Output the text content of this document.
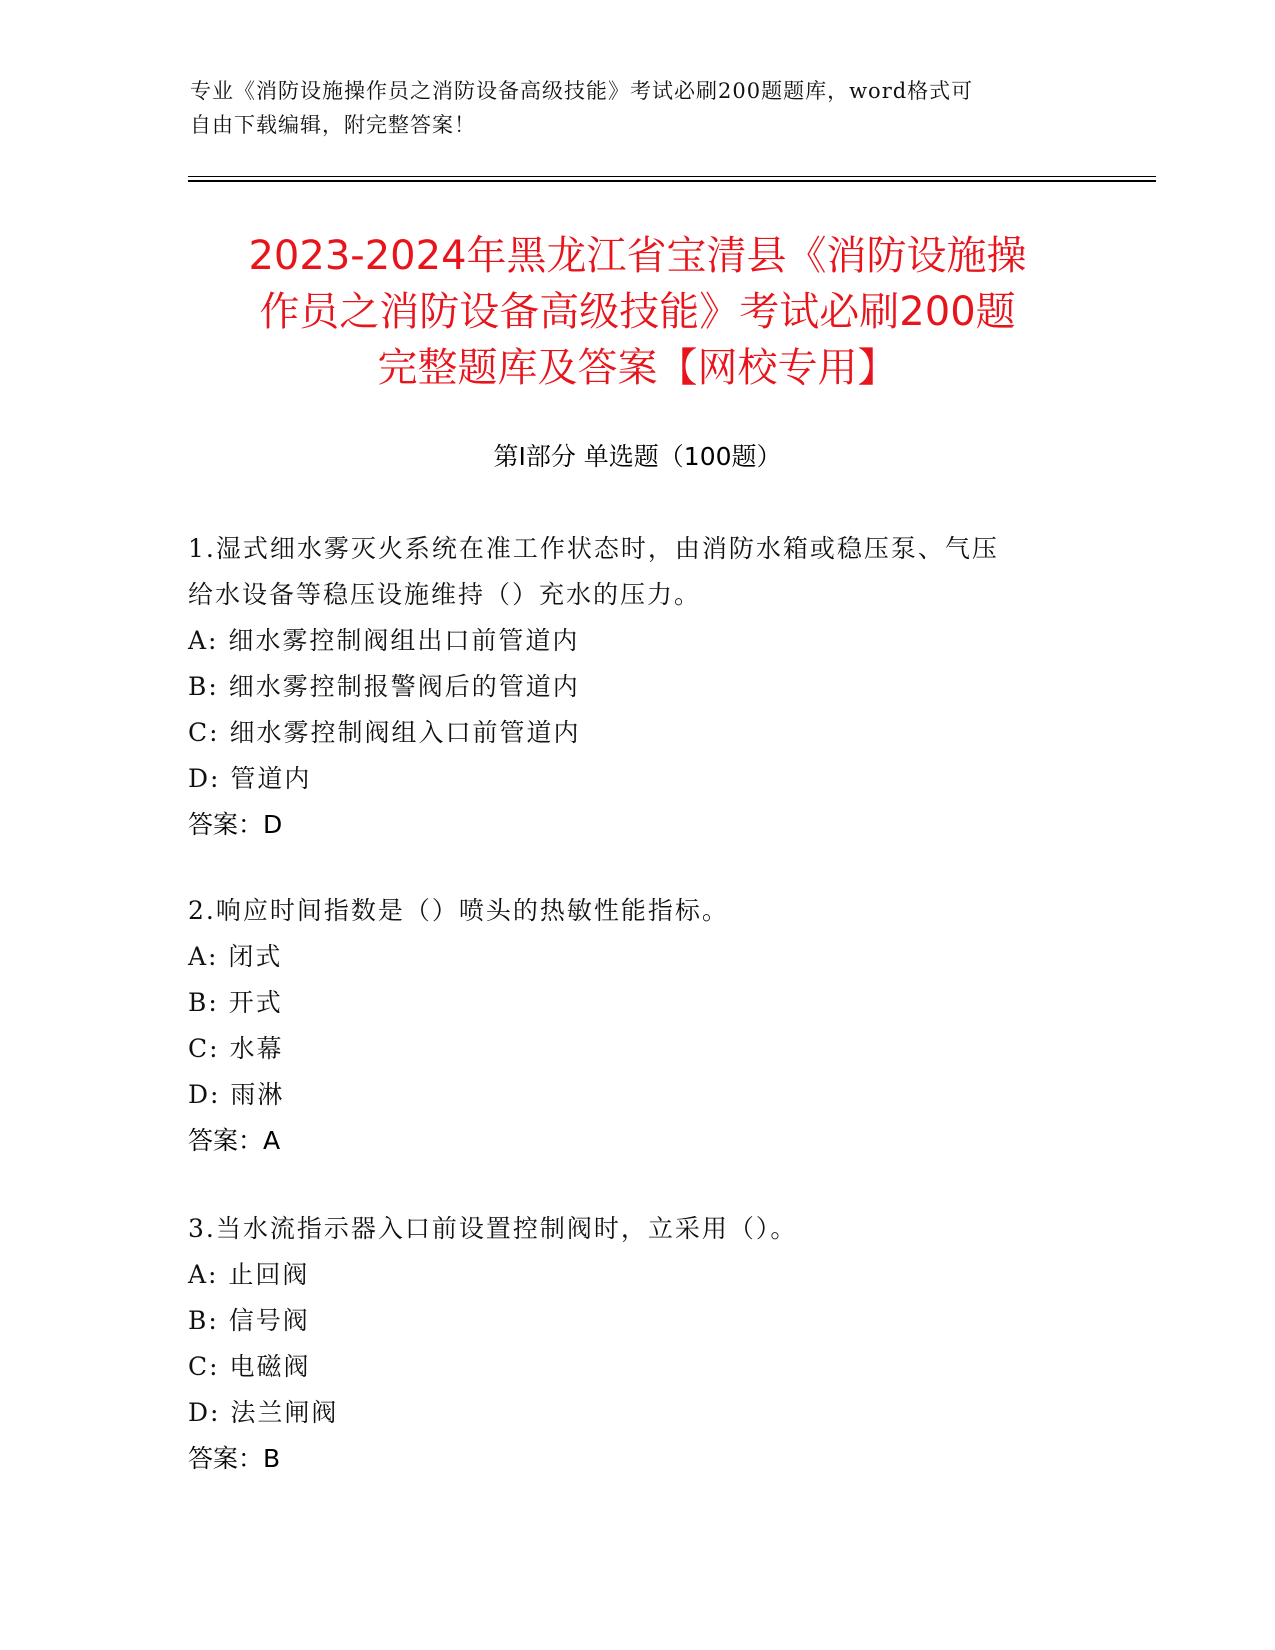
专业《消防设施操作员之消防设备高级技能》考试必刷200题题库，word格式可
自由下载编辑，附完整答案！
2023-2024年黑龙江省宝清县《消防设施操
作员之消防设备高级技能》考试必刷200题
完整题库及答案【网校专用】
第I部分 单选题（100题）
1.湿式细水雾灭火系统在准工作状态时，由消防水箱或稳压泵、气压
给水设备等稳压设施维持（）充水的压力。
A: 细水雾控制阀组出口前管道内
B: 细水雾控制报警阀后的管道内
C: 细水雾控制阀组入口前管道内
D: 管道内
答案：D
2.响应时间指数是（）喷头的热敏性能指标。
A: 闭式
B: 开式
C: 水幕
D: 雨淋
答案：A
3.当水流指示器入口前设置控制阀时，立采用（）。
A: 止回阀
B: 信号阀
C: 电磁阀
D: 法兰闸阀
答案：B
